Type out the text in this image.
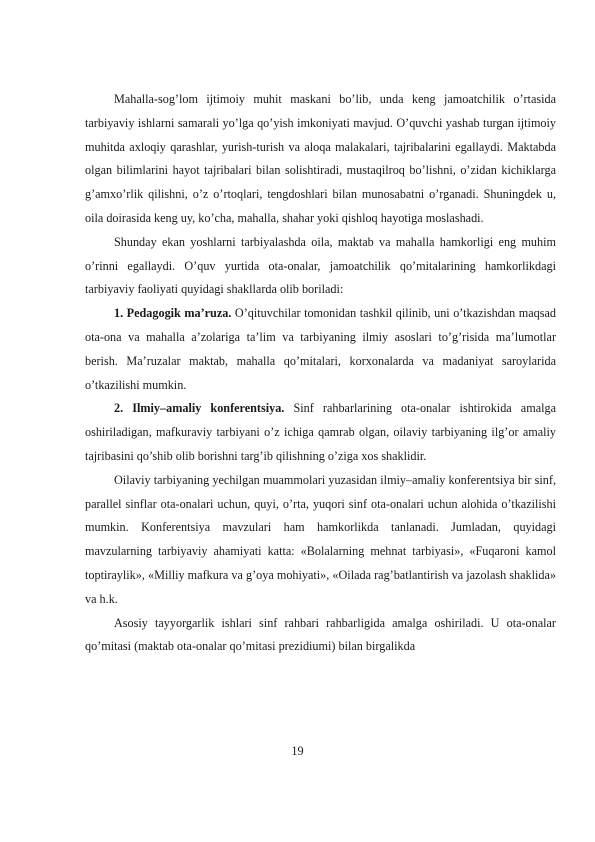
Mahalla-sog’lom ijtimoiy muhit maskani bo’lib, unda keng jamoatchilik o’rtasida tarbiyaviy ishlarni samarali yo’lga qo’yish imkoniyati mavjud. O’quvchi yashab turgan ijtimoiy muhitda axloqiy qarashlar, yurish-turish va aloqa malakalari, tajribalarini egallaydi. Maktabda olgan bilimlarini hayot tajribalari bilan solishtiradi, mustaqilroq bo’lishni, o’zidan kichiklarga g’amxo’rlik qilishni, o’z o’rtoqlari, tengdoshlari bilan munosabatni o’rganadi. Shuningdek u, oila doirasida keng uy, ko’cha, mahalla, shahar yoki qishloq hayotiga moslashadi.

Shunday ekan yoshlarni tarbiyalashda oila, maktab va mahalla hamkorligi eng muhim o’rinni egallaydi. O’quv yurtida ota-onalar, jamoatchilik qo’mitalarining hamkorlikdagi tarbiyaviy faoliyati quyidagi shakllarda olib boriladi:

1. Pedagogik ma’ruza. O’qituvchilar tomonidan tashkil qilinib, uni o’tkazishdan maqsad ota-ona va mahalla a’zolariga ta’lim va tarbiyaning ilmiy asoslari to’g’risida ma’lumotlar berish. Ma’ruzalar maktab, mahalla qo’mitalari, korxonalarda va madaniyat saroylarida o’tkazilishi mumkin.

2. Ilmiy–amaliy konferentsiya. Sinf rahbarlarining ota-onalar ishtirokida amalga oshiriladigan, mafkuraviy tarbiyani o’z ichiga qamrab olgan, oilaviy tarbiyaning ilg’or amaliy tajribasini qo’shib olib borishni targ’ib qilishning o’ziga xos shaklidir.

Oilaviy tarbiyaning yechilgan muammolari yuzasidan ilmiy–amaliy konferentsiya bir sinf, parallel sinflar ota-onalari uchun, quyi, o’rta, yuqori sinf ota-onalari uchun alohida o’tkazilishi mumkin. Konferentsiya mavzulari ham hamkorlikda tanlanadi. Jumladan, quyidagi mavzularning tarbiyaviy ahamiyati katta: «Bolalarning mehnat tarbiyasi», «Fuqaroni kamol toptiraylik», «Milliy mafkura va g’oya mohiyati», «Oilada rag’batlantirish va jazolash shaklida» va h.k.

Asosiy tayyorgarlik ishlari sinf rahbari rahbarligida amalga oshiriladi. U ota-onalar qo’mitasi (maktab ota-onalar qo’mitasi prezidiumi) bilan birgalikda

19
